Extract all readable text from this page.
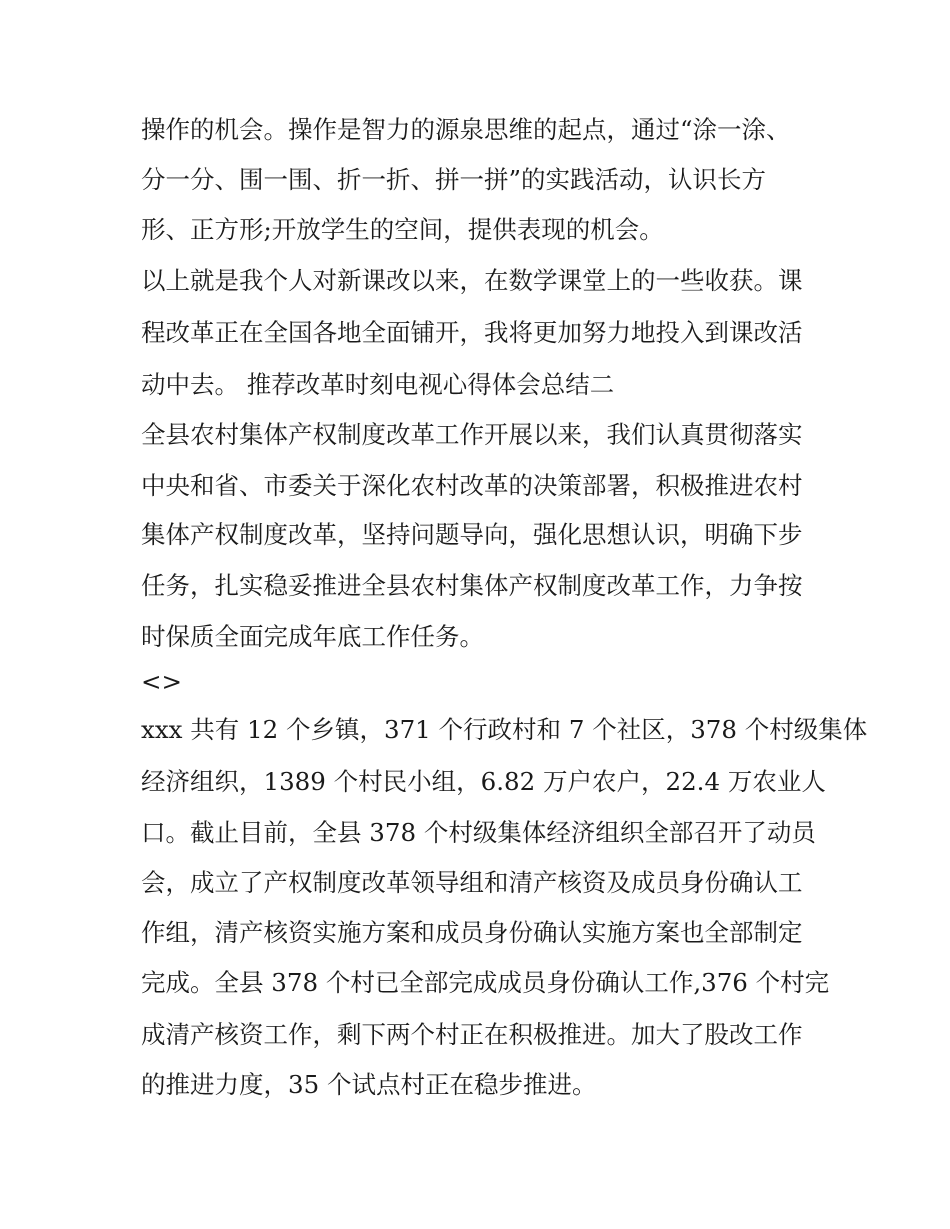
操作的机会。操作是智力的源泉思维的起点，通过“涂一涂、
分一分、围一围、折一折、拼一拼”的实践活动，认识长方
形、正方形;开放学生的空间，提供表现的机会。
以上就是我个人对新课改以来，在数学课堂上的一些收获。课
程改革正在全国各地全面铺开，我将更加努力地投入到课改活
动中去。 推荐改革时刻电视心得体会总结二
全县农村集体产权制度改革工作开展以来，我们认真贯彻落实
中央和省、市委关于深化农村改革的决策部署，积极推进农村
集体产权制度改革，坚持问题导向，强化思想认识，明确下步
任务，扎实稳妥推进全县农村集体产权制度改革工作，力争按
时保质全面完成年底工作任务。
<>
xxx 共有 12 个乡镇，371 个行政村和 7 个社区，378 个村级集体
经济组织，1389 个村民小组，6.82 万户农户，22.4 万农业人
口。截止目前，全县 378 个村级集体经济组织全部召开了动员
会，成立了产权制度改革领导组和清产核资及成员身份确认工
作组，清产核资实施方案和成员身份确认实施方案也全部制定
完成。全县 378 个村已全部完成成员身份确认工作,376 个村完
成清产核资工作，剩下两个村正在积极推进。加大了股改工作
的推进力度，35 个试点村正在稳步推进。
